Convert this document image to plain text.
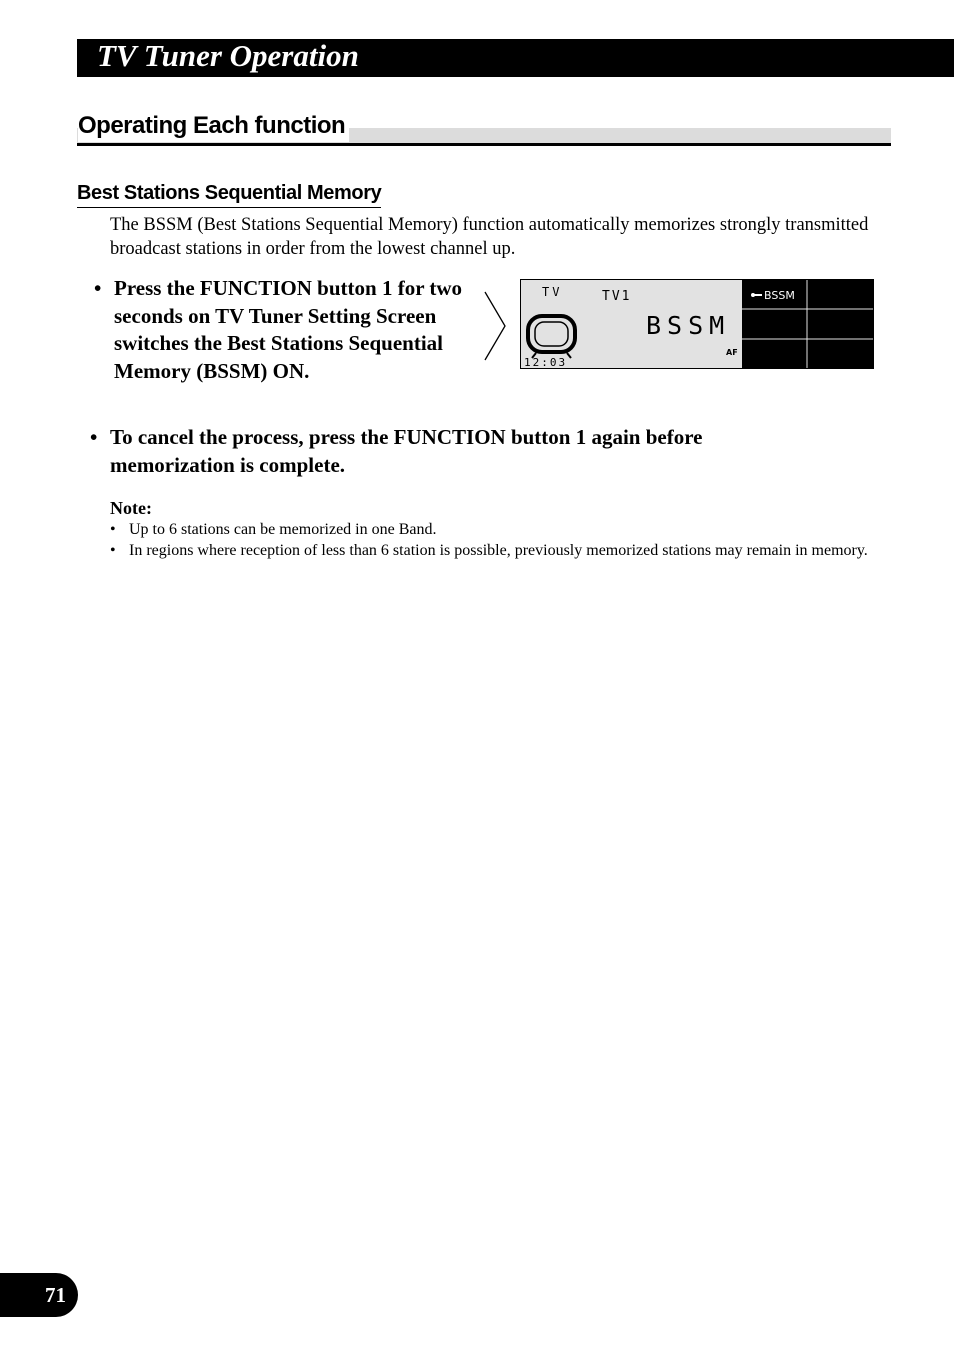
TV Tuner Operation
Operating Each function
Best Stations Sequential Memory
The BSSM (Best Stations Sequential Memory) function automatically memorizes strongly transmitted broadcast stations in order from the lowest channel up.
• Press the FUNCTION button 1 for two seconds on TV Tuner Setting Screen switches the Best Stations Sequential Memory (BSSM) ON.
TV	TV1
BSSM
AF
12:03
BSSM
• To cancel the process, press the FUNCTION button 1 again before memorization is complete.
Note:
• Up to 6 stations can be memorized in one Band.
• In regions where reception of less than 6 station is possible, previously memorized stations may remain in memory.
71
